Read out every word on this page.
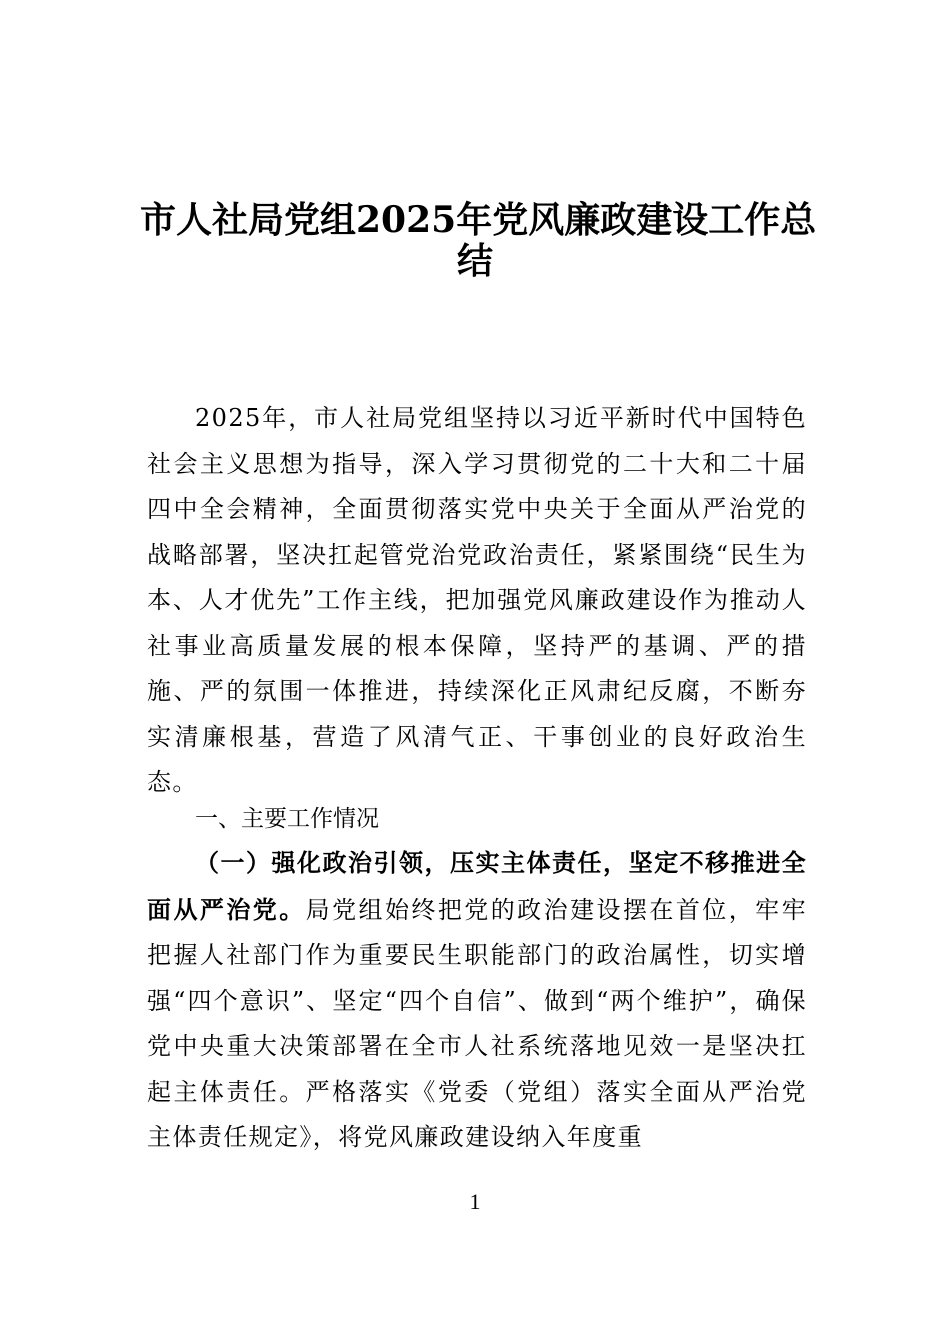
市人社局党组2025年党风廉政建设工作总
结
2025年，市人社局党组坚持以习近平新时代中国特色社会主义思想为指导，深入学习贯彻党的二十大和二十届四中全会精神，全面贯彻落实党中央关于全面从严治党的战略部署，坚决扛起管党治党政治责任，紧紧围绕“民生为本、人才优先”工作主线，把加强党风廉政建设作为推动人社事业高质量发展的根本保障，坚持严的基调、严的措施、严的氛围一体推进，持续深化正风肃纪反腐，不断夯实清廉根基，营造了风清气正、干事创业的良好政治生态。
一、主要工作情况
（一）强化政治引领，压实主体责任，坚定不移推进全面从严治党。局党组始终把党的政治建设摆在首位，牢牢把握人社部门作为重要民生职能部门的政治属性，切实增强“四个意识”、坚定“四个自信”、做到“两个维护”，确保党中央重大决策部署在全市人社系统落地见效一是坚决扛起主体责任。严格落实《党委（党组）落实全面从严治党主体责任规定》，将党风廉政建设纳入年度重
1
